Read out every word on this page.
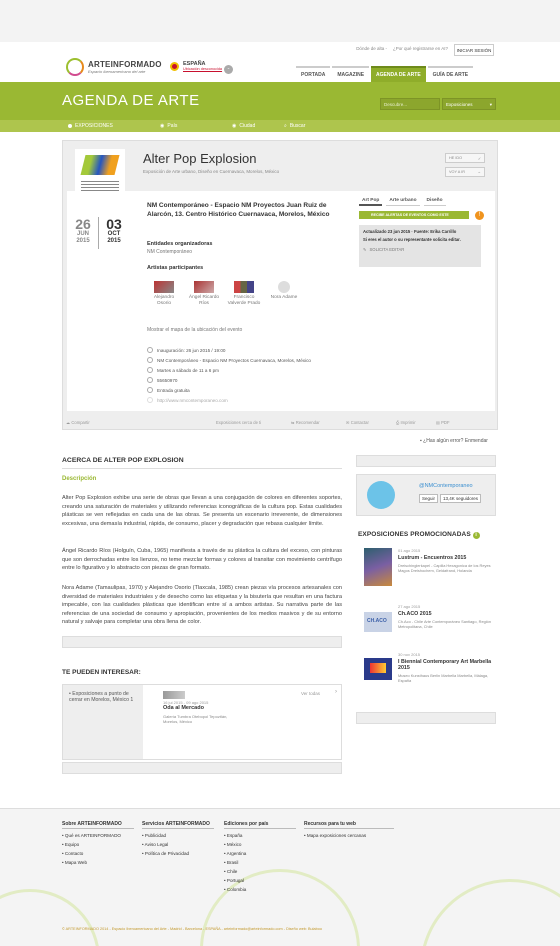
Dónde de alta - ¿Por qué registrarse en AI?	INICIAR SESIÓN
ARTEINFORMADO
Espacio iberoamericano del arte
ESPAÑA
Ubicación desconocida -
PORTADA	MAGAZINE	AGENDA DE ARTE	GUÍA DE ARTE
AGENDA DE ARTE	Descubre...	Exposiciones	▾
EXPOSICIONES	◉ País	◉ Ciudad	⌕ Buscar
Alter Pop Explosion
Exposición de Arte urbano, Diseño en Cuernavaca, Morelos, México
HE IDO	✓
VOY A IR	→
26
JUN
2015
03
OCT
2015
NM Contemporáneo - Espacio NM Proyectos Juan Ruiz de Alarcón, 13. Centro Histórico Cuernavaca, Morelos, México
Entidades organizadoras
NM Contemporáneo
Artistas participantes
Alejandro Osorio
Ángel Ricardo Ríos
Francisco Valverde Prado
Nora Adame
Mostrar el mapa de la ubicación del evento
Inauguración: 26 jun 2015 / 19:00
NM Contemporáneo - Espacio NM Proyectos Cuernavaca, Morelos, México
Martes a sábado de 11 a 6 pm
55650970
Entrada gratuita
http://www.nmcontemporaneo.com
Art Pop	Arte urbano	Diseño
RECIBE ALERTAS DE EVENTOS COMO ESTE	!
Actualizado 23 jun 2015 · Fuente: Erika Carrillo
Si eres el autor o su representante solicita editar.
✎ SOLICITA EDITAR
☁ Compartir	Exposiciones cerca de ti	⇆ Recomendar	✉ Contactar	⎙ Imprimir	▤ PDF
▪ ¿Has algún error? Enmendar
ACERCA DE ALTER POP EXPLOSION
Descripción
Alter Pop Explosion exhibe una serie de obras que llevan a una conjugación de colores en diferentes soportes, creando una saturación de materiales y utilizando referencias iconográficas de la cultura pop. Estas cualidades plásticas se ven reflejadas en cada una de las obras. Se presenta un escenario irreverente, de dimensiones excesivas, una demasía industrial, rápida, de consumo, placer y degradación que rebasa cualquier límite.
Ángel Ricardo Ríos (Holguín, Cuba, 1965) manifiesta a través de su plástica la cultura del exceso, con pinturas que son derrochadas entre los lienzos, no teme mezclar formas y colores al transitar con movimiento centrífugo entre lo figurativo y lo abstracto con piezas de gran formato.
Nora Adame (Tamaulipas, 1970) y Alejandro Osorio (Tlaxcala, 1985) crean piezas vía procesos artesanales con diversidad de materiales industriales y de desecho como las etiquetas y la bisutería que resultan en una factura impecable, con las cualidades plásticas que identifican entre sí a ambos artistas. Su narrativa parte de las referencias de una sociedad de consumo y apropiación, provenientes de los medios masivos y de su entorno natural y salvaje para completar una obra llena de color.
@NMContemporaneo
Seguir	13,4K seguidores
EXPOSICIONES PROMOCIONADAS i
01 ago 2015
Lustrum - Encuentros 2015
Dreischinglerkapel - Capilla Hexagonica de los Reyes Magos Dreishochem, Geldafrand, Holanda
CH.ACO
27 ago 2015
Ch.ACO 2015
Ch.Aco - Chile Arte Contemporáneo Santiago, Región Metropolitana, Chile
30 nov 2015
I Biennial Contemporary Art Marbella 2015
Museo Kunsthaus Berlin Marbella Marbella, Málaga, España
TE PUEDEN INTERESAR:
• Exposiciones a punto de cerrar en Morelos, México 1	16 jul 2015 - 09 ago 2015
Oda al Mercado
Galería Tumbra Otebopol Tepoztlán, Morelos, México
Ver todas ›
Sobre ARTEINFORMADO
• Qué es ARTEINFORMADO
• Equipo
• Contacto
• Mapa Web
Servicios ARTEINFORMADO
• Publicidad
• Aviso Legal
• Política de Privacidad
Ediciones por país
• España
• México
• Argentina
• Brasil
• Chile
• Portugal
• Colombia
Recursos para tu web
• Mapa exposiciones cercanas
© ARTEINFORMADO 2014 - Espacio Iberoamericano del Arte - Madrid - Barcelona - ESPAÑA - arteinformado@arteinformado.com - Diseño web: Bulaboo
